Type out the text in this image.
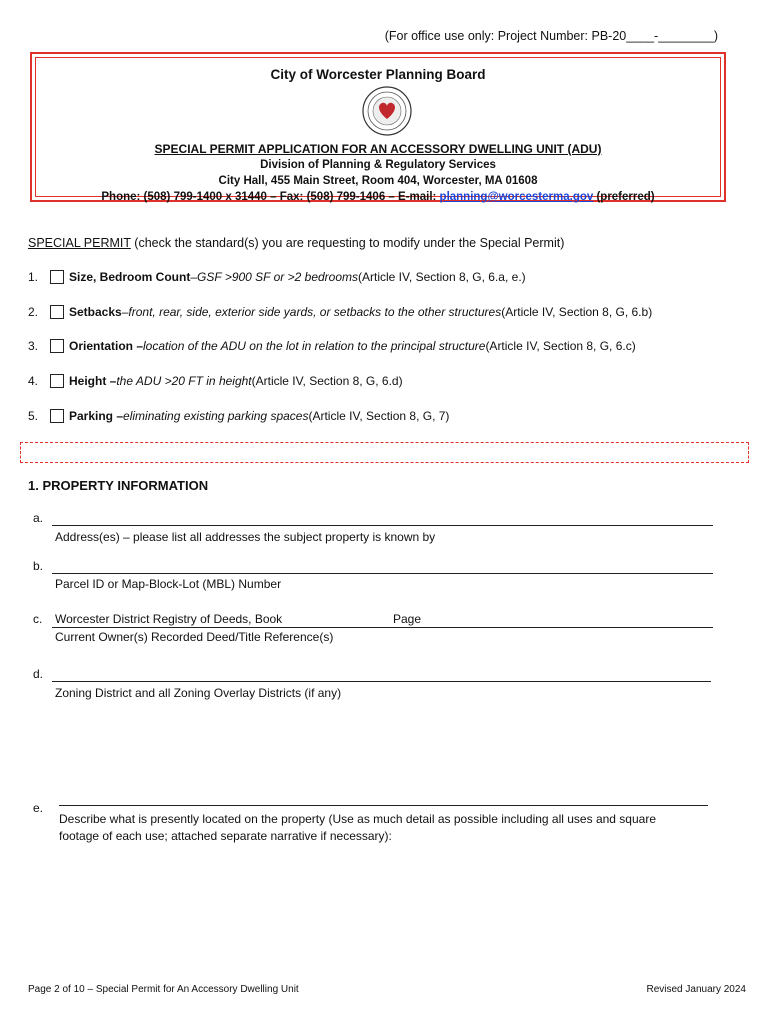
(For office use only: Project Number: PB-20____-________)
City of Worcester Planning Board
SPECIAL PERMIT APPLICATION FOR AN ACCESSORY DWELLING UNIT (ADU)
Division of Planning & Regulatory Services
City Hall, 455 Main Street, Room 404, Worcester, MA 01608
Phone: (508) 799-1400 x 31440 – Fax: (508) 799-1406 – E-mail: planning@worcesterma.gov (preferred)
SPECIAL PERMIT (check the standard(s) you are requesting to modify under the Special Permit)
1.	Size, Bedroom Count – GSF >900 SF or >2 bedrooms (Article IV, Section 8, G, 6.a, e.)
2.	Setbacks – front, rear, side, exterior side yards, or setbacks to the other structures (Article IV, Section 8, G, 6.b)
3.	Orientation – location of the ADU on the lot in relation to the principal structure (Article IV, Section 8, G, 6.c)
4.	Height – the ADU >20 FT in height (Article IV, Section 8, G, 6.d)
5.	Parking – eliminating existing parking spaces (Article IV, Section 8, G, 7)
1. PROPERTY INFORMATION
a.
Address(es) – please list all addresses the subject property is known by
b.
Parcel ID or Map-Block-Lot (MBL) Number
c. Worcester District Registry of Deeds, Book	Page
Current Owner(s) Recorded Deed/Title Reference(s)
d.
Zoning District and all Zoning Overlay Districts (if any)
e.
Describe what is presently located on the property (Use as much detail as possible including all uses and square
footage of each use; attached separate narrative if necessary):
Page 2 of 10 – Special Permit for An Accessory Dwelling Unit	Revised January 2024
